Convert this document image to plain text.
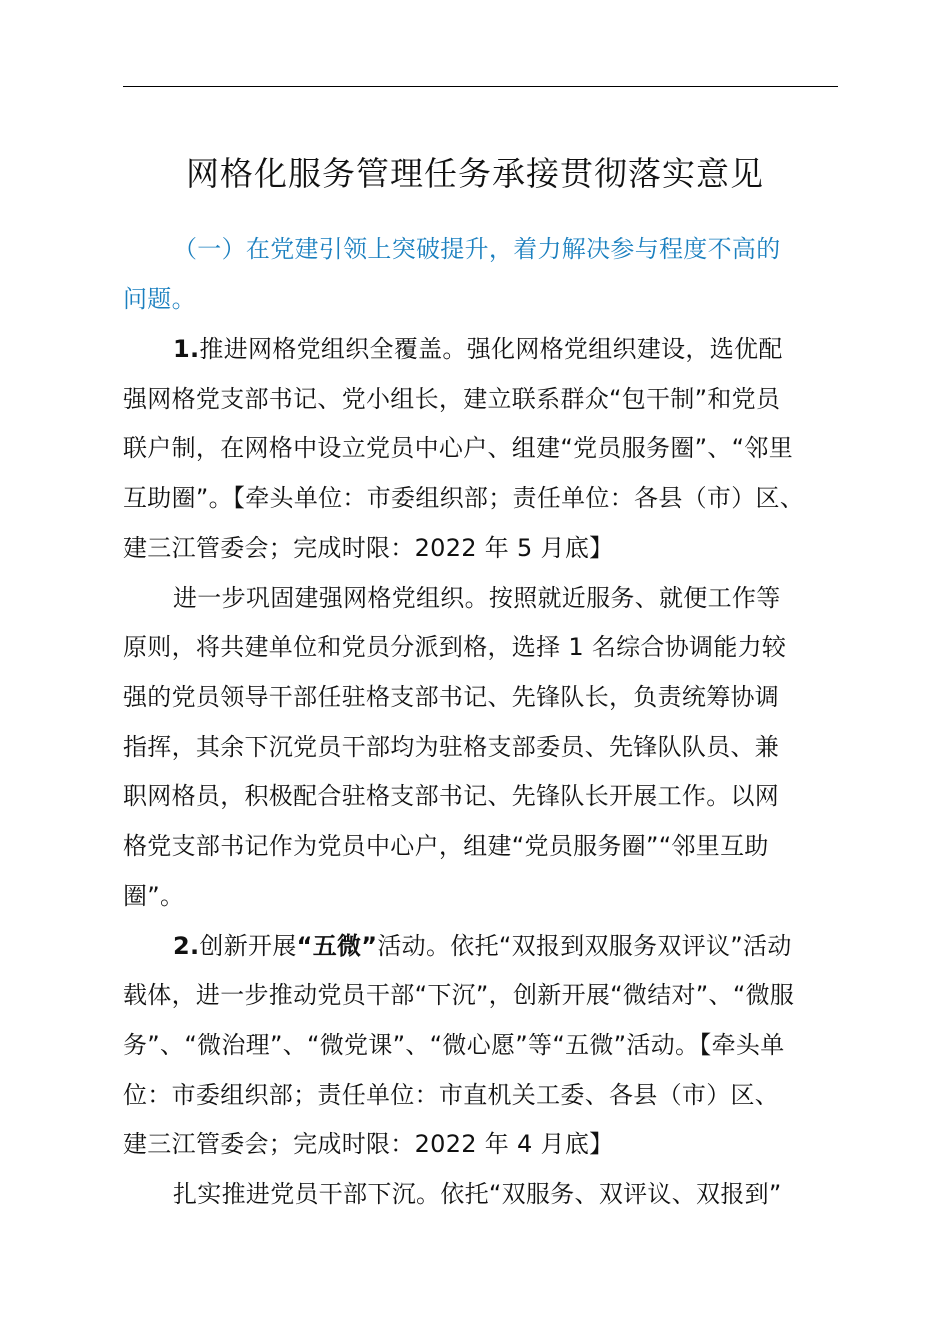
网格化服务管理任务承接贯彻落实意见
（一）在党建引领上突破提升，着力解决参与程度不高的
问题。
1.推进网格党组织全覆盖。强化网格党组织建设，选优配
强网格党支部书记、党小组长，建立联系群众“包干制”和党员
联户制，在网格中设立党员中心户、组建“党员服务圈”、“邻里
互助圈”。【牵头单位：市委组织部；责任单位：各县（市）区、
建三江管委会；完成时限：2022 年 5 月底】
进一步巩固建强网格党组织。按照就近服务、就便工作等
原则，将共建单位和党员分派到格，选择 1 名综合协调能力较
强的党员领导干部任驻格支部书记、先锋队长，负责统筹协调
指挥，其余下沉党员干部均为驻格支部委员、先锋队队员、兼
职网格员，积极配合驻格支部书记、先锋队长开展工作。以网
格党支部书记作为党员中心户，组建“党员服务圈”“邻里互助
圈”。
2.创新开展“五微”活动。依托“双报到双服务双评议”活动
载体，进一步推动党员干部“下沉”，创新开展“微结对”、“微服
务”、“微治理”、“微党课”、“微心愿”等“五微”活动。【牵头单
位：市委组织部；责任单位：市直机关工委、各县（市）区、
建三江管委会；完成时限：2022 年 4 月底】
扎实推进党员干部下沉。依托“双服务、双评议、双报到”
